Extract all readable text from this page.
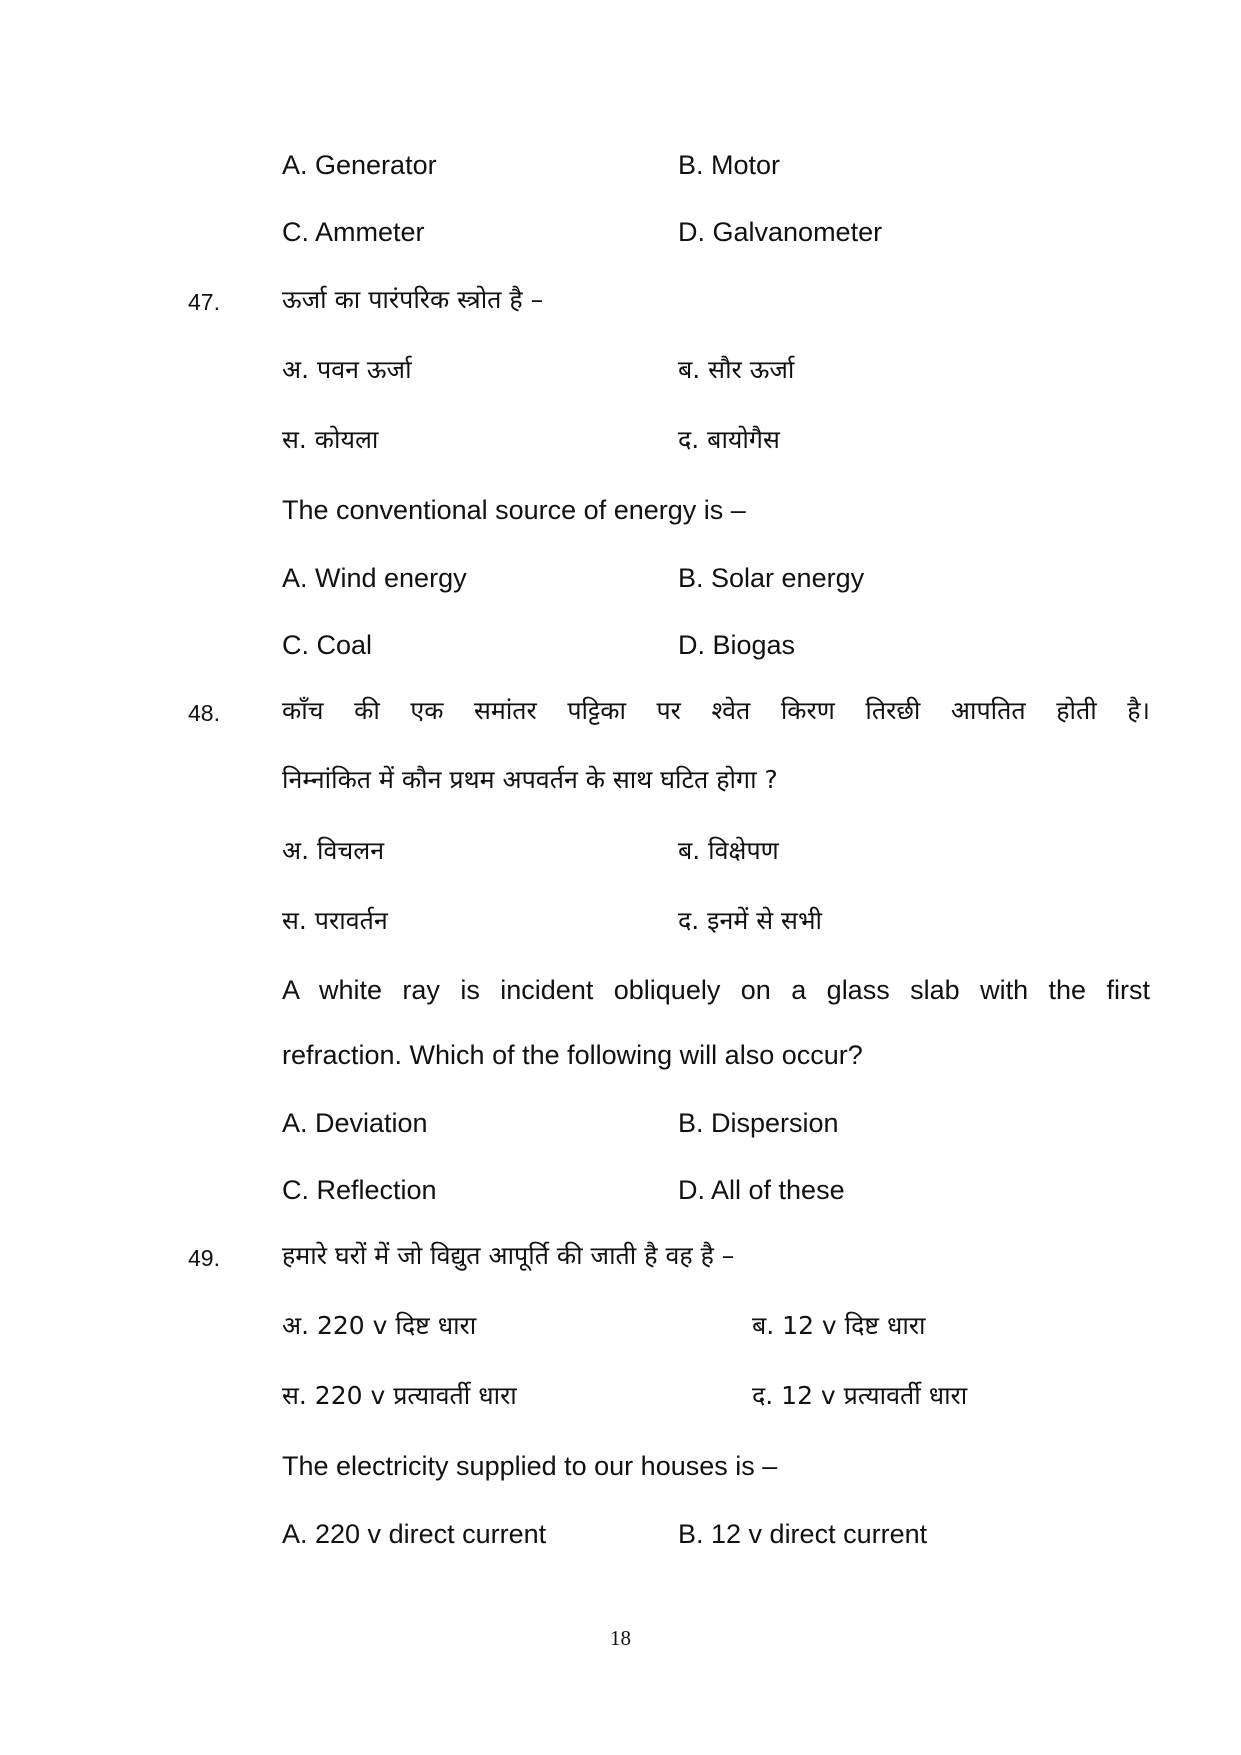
A. Generator	B. Motor
C. Ammeter	D. Galvanometer
47. ऊर्जा का पारंपरिक स्त्रोत है –
अ. पवन ऊर्जा	ब. सौर ऊर्जा
स. कोयला	द. बायोगैस
The conventional source of energy is –
A. Wind energy	B. Solar energy
C. Coal	D. Biogas
48. काँच की एक समांतर पट्टिका पर श्वेत किरण तिरछी आपतित होती है।
निम्नांकित में कौन प्रथम अपवर्तन के साथ घटित होगा ?
अ. विचलन	ब. विक्षेपण
स. परावर्तन	द. इनमें से सभी
A white ray is incident obliquely on a glass slab with the first
refraction. Which of the following will also occur?
A. Deviation	B. Dispersion
C. Reflection	D. All of these
49. हमारे घरों में जो विद्युत आपूर्ति की जाती है वह है –
अ. 220 v दिष्ट धारा	ब. 12 v दिष्ट धारा
स. 220 v प्रत्यावर्ती धारा	द. 12 v प्रत्यावर्ती धारा
The electricity supplied to our houses is –
A. 220 v direct current	B. 12 v direct current
18
